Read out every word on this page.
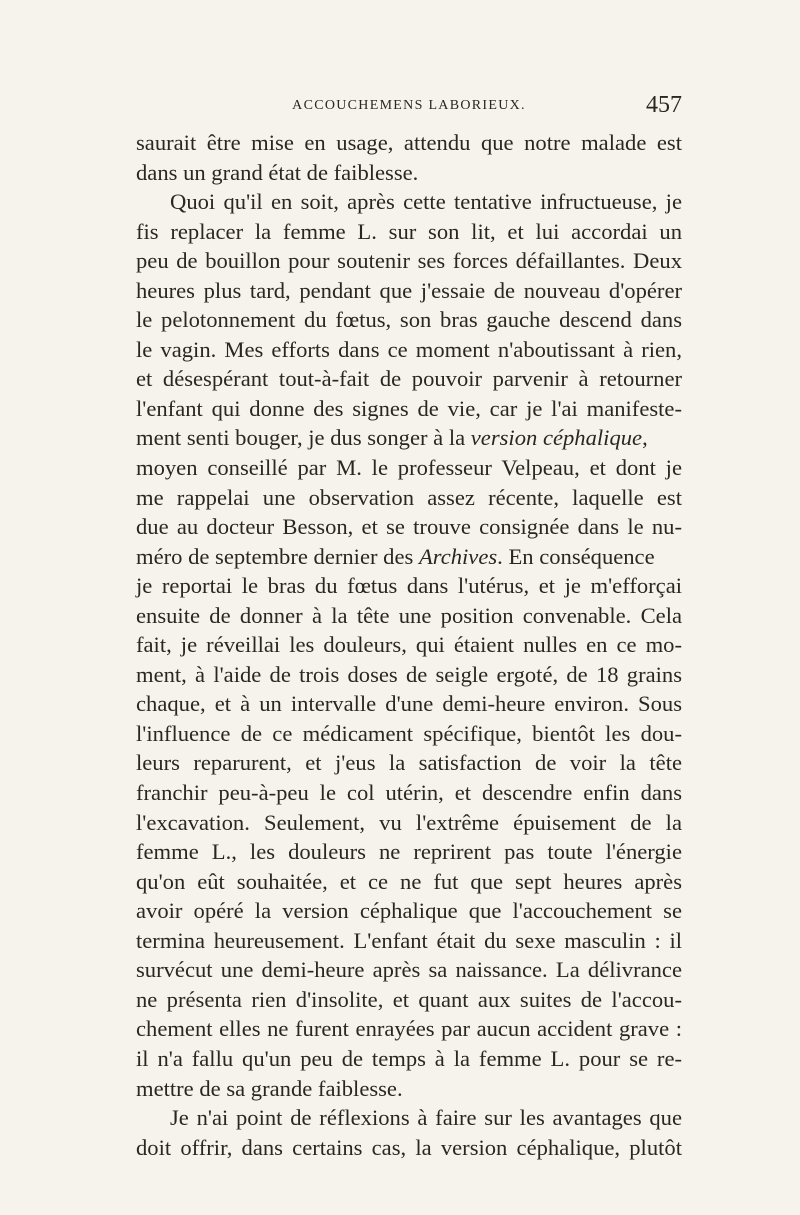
ACCOUCHEMENS LABORIEUX.	457

saurait être mise en usage, attendu que notre malade est
dans un grand état de faiblesse.

Quoi qu'il en soit, après cette tentative infructueuse, je
fis replacer la femme L. sur son lit, et lui accordai un
peu de bouillon pour soutenir ses forces défaillantes. Deux
heures plus tard, pendant que j'essaie de nouveau d'opérer
le pelotonnement du fœtus, son bras gauche descend dans
le vagin. Mes efforts dans ce moment n'aboutissant à rien,
et désespérant tout-à-fait de pouvoir parvenir à retourner
l'enfant qui donne des signes de vie, car je l'ai manifeste-
ment senti bouger, je dus songer à la version céphalique,
moyen conseillé par M. le professeur Velpeau, et dont je
me rappelai une observation assez récente, laquelle est
due au docteur Besson, et se trouve consignée dans le nu-
méro de septembre dernier des Archives. En conséquence
je reportai le bras du fœtus dans l'utérus, et je m'efforçai
ensuite de donner à la tête une position convenable. Cela
fait, je réveillai les douleurs, qui étaient nulles en ce mo-
ment, à l'aide de trois doses de seigle ergoté, de 18 grains
chaque, et à un intervalle d'une demi-heure environ. Sous
l'influence de ce médicament spécifique, bientôt les dou-
leurs reparurent, et j'eus la satisfaction de voir la tête
franchir peu-à-peu le col utérin, et descendre enfin dans
l'excavation. Seulement, vu l'extrême épuisement de la
femme L., les douleurs ne reprirent pas toute l'énergie
qu'on eût souhaitée, et ce ne fut que sept heures après
avoir opéré la version céphalique que l'accouchement se
termina heureusement. L'enfant était du sexe masculin : il
survécut une demi-heure après sa naissance. La délivrance
ne présenta rien d'insolite, et quant aux suites de l'accou-
chement elles ne furent enrayées par aucun accident grave :
il n'a fallu qu'un peu de temps à la femme L. pour se re-
mettre de sa grande faiblesse.

Je n'ai point de réflexions à faire sur les avantages que
doit offrir, dans certains cas, la version céphalique, plutôt
